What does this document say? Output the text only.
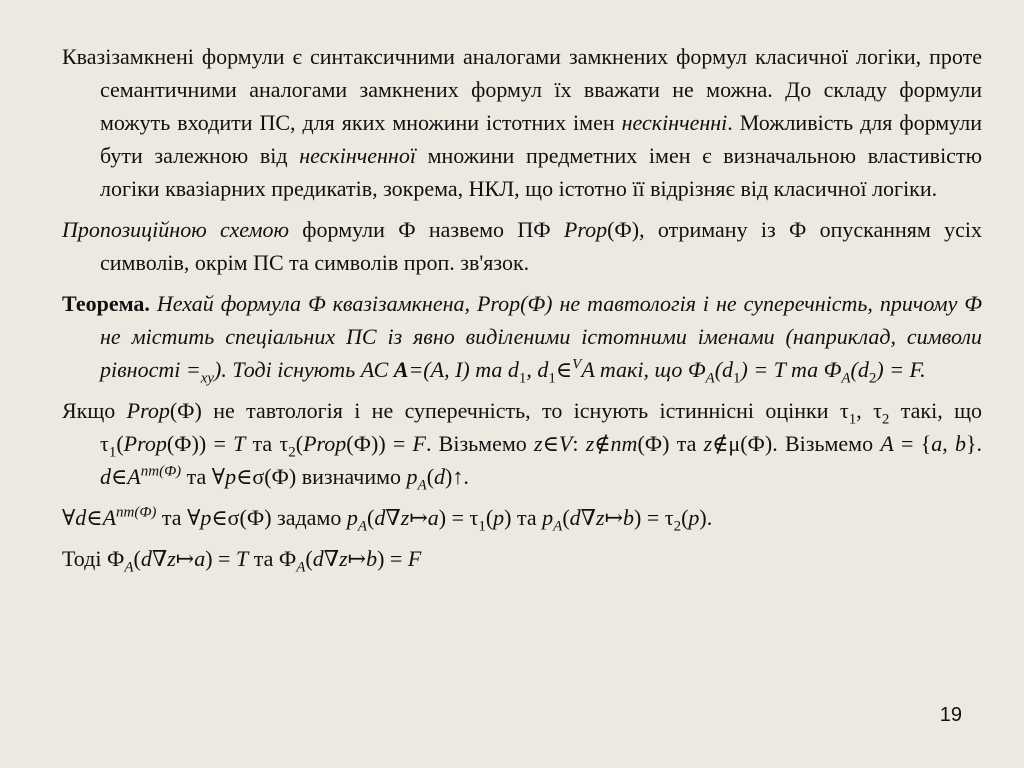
Квазізамкнені формули є синтаксичними аналогами замкнених формул класичної логіки, проте семантичними аналогами замкнених формул їх вважати не можна. До складу формули можуть входити ПС, для яких множини істотних імен нескінченні. Можливість для формули бути залежною від нескінченної множини предметних імен є визначальною властивістю логіки квазіарних предикатів, зокрема, НКЛ, що істотно її відрізняє від класичної логіки.

Пропозиційною схемою формули Ф назвемо ПФ Prop(Ф), отриману із Ф опусканням усіх символів, окрім ПС та символів проп. зв'язок.

Теорема. Нехай формула Ф квазізамкнена, Prop(Ф) не тавтологія і не суперечність, причому Ф не містить спеціальних ПС із явно виділеними істотними іменами (наприклад, символи рівності $=_{xy}$). Тоді існують АС A=(A, I) та $d_1$, $d_1\in^VA$ такі, що $Ф_A(d_1) = T$ та $Ф_A(d_2) = F$.

Якщо Prop(Ф) не тавтологія і не суперечність, то існують істиннісні оцінки $\tau_1$, $\tau_2$ такі, що $\tau_1(Prop(Ф)) = T$ та $\tau_2(Prop(Ф)) = F$. Візьмемо z∈V: z∉nm(Ф) та z∉μ(Ф). Візьмемо A = {a, b}. $d\in A^{nm(Ф)}$ та ∀p∈σ(Ф) визначимо $p_A(d)↑$.

$\forall d\in A^{nm(Ф)}$ та ∀p∈σ(Ф) задамо $p_A(d\nabla z↦a) = \tau_1(p)$ та $p_A(d\nabla z↦b) = \tau_2(p)$.

Тоді $Ф_A(d\nabla z↦a) = T$ та $Ф_A(d\nabla z↦b) = F$

19
